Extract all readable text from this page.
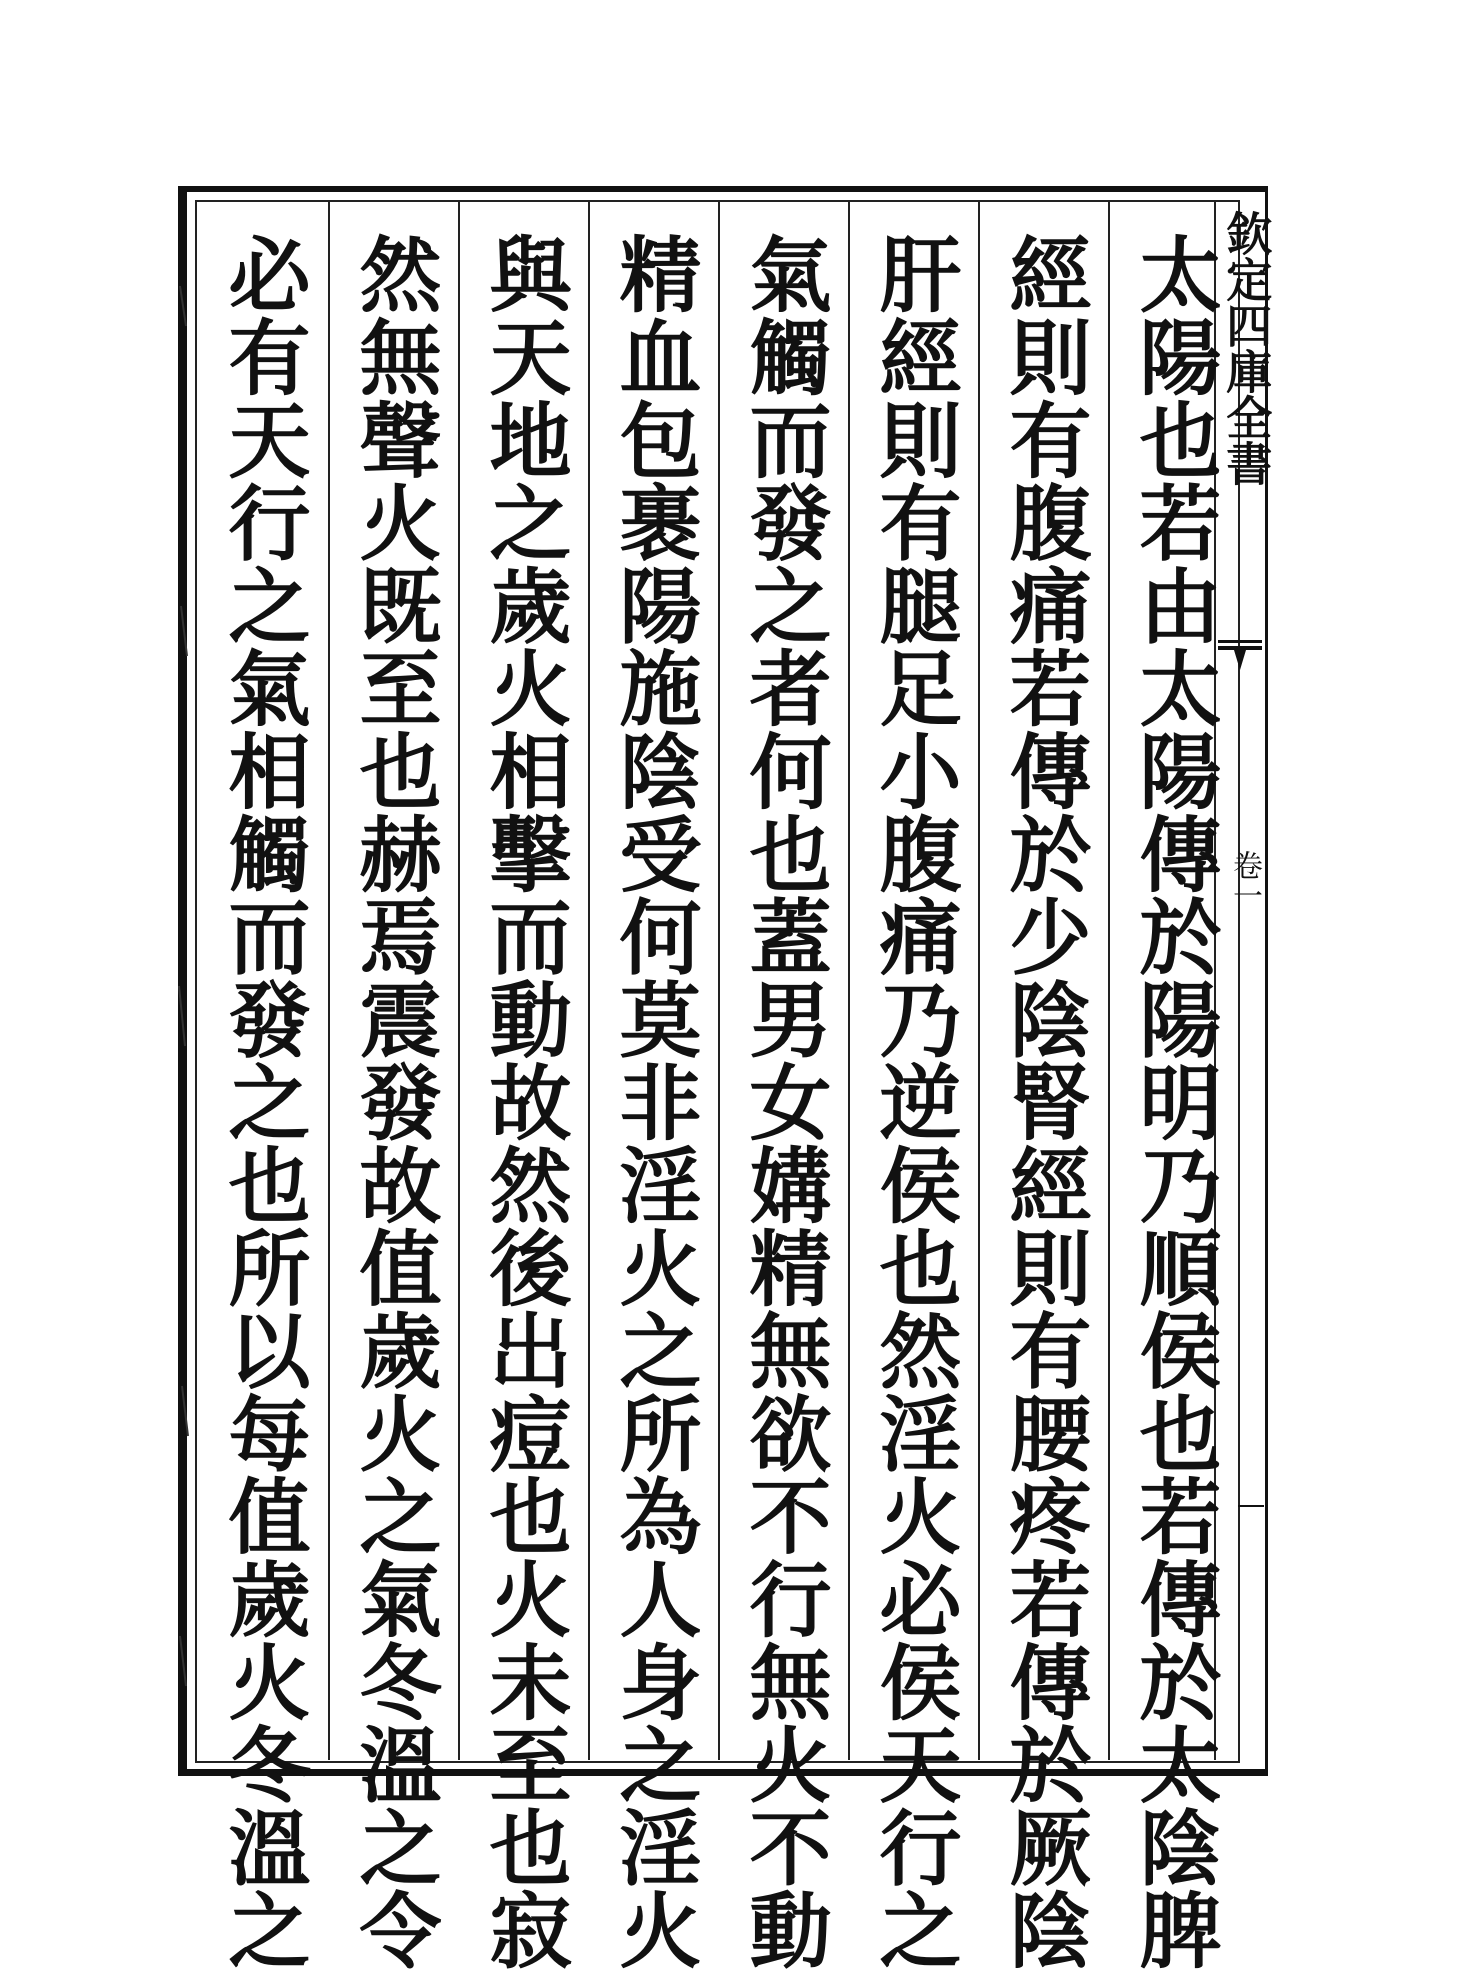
欽定四庫全書
卷一
太陽也若由太陽傳於陽明乃順侯也若傳於太陰脾
經則有腹痛若傳於少陰腎經則有腰疼若傳於厥陰
肝經則有腿足小腹痛乃逆侯也然淫火必侯天行之
氣觸而發之者何也蓋男女媾精無欲不行無火不動
精血包裹陽施陰受何莫非淫火之所為人身之淫火
與天地之歲火相擊而動故然後出痘也火未至也寂
然無聲火既至也赫焉震發故值歲火之氣冬溫之令
必有天行之氣相觸而發之也所以每值歲火冬溫之
